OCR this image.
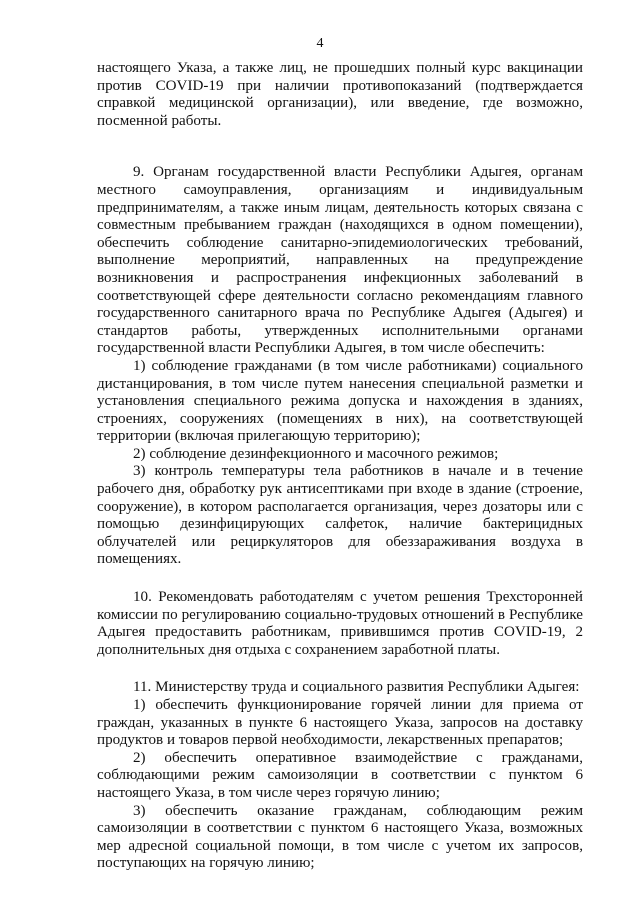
4
настоящего Указа, а также лиц, не прошедших полный курс вакцинации
против COVID-19 при наличии противопоказаний (подтверждается
справкой медицинской организации), или введение, где возможно,
посменной работы.
9. Органам государственной власти Республики Адыгея, органам
местного самоуправления, организациям и индивидуальным
предпринимателям, а также иным лицам, деятельность которых связана с
совместным пребыванием граждан (находящихся в одном помещении),
обеспечить соблюдение санитарно-эпидемиологических требований,
выполнение мероприятий, направленных на предупреждение
возникновения и распространения инфекционных заболеваний в
соответствующей сфере деятельности согласно рекомендациям главного
государственного санитарного врача по Республике Адыгея (Адыгея) и
стандартов работы, утвержденных исполнительными органами
государственной власти Республики Адыгея, в том числе обеспечить:
1) соблюдение гражданами (в том числе работниками) социального
дистанцирования, в том числе путем нанесения специальной разметки и
установления специального режима допуска и нахождения в зданиях,
строениях, сооружениях (помещениях в них), на соответствующей
территории (включая прилегающую территорию);
2) соблюдение дезинфекционного и масочного режимов;
3) контроль температуры тела работников в начале и в течение
рабочего дня, обработку рук антисептиками при входе в здание (строение,
сооружение), в котором располагается организация, через дозаторы или с
помощью дезинфицирующих салфеток, наличие бактерицидных
облучателей или рециркуляторов для обеззараживания воздуха в
помещениях.
10. Рекомендовать работодателям с учетом решения Трехсторонней
комиссии по регулированию социально-трудовых отношений в Республике
Адыгея предоставить работникам, привившимся против COVID-19, 2
дополнительных дня отдыха с сохранением заработной платы.
11. Министерству труда и социального развития Республики Адыгея:
1) обеспечить функционирование горячей линии для приема от
граждан, указанных в пункте 6 настоящего Указа, запросов на доставку
продуктов и товаров первой необходимости, лекарственных препаратов;
2) обеспечить оперативное взаимодействие с гражданами,
соблюдающими режим самоизоляции в соответствии с пунктом 6
настоящего Указа, в том числе через горячую линию;
3) обеспечить оказание гражданам, соблюдающим режим
самоизоляции в соответствии с пунктом 6 настоящего Указа, возможных
мер адресной социальной помощи, в том числе с учетом их запросов,
поступающих на горячую линию;
